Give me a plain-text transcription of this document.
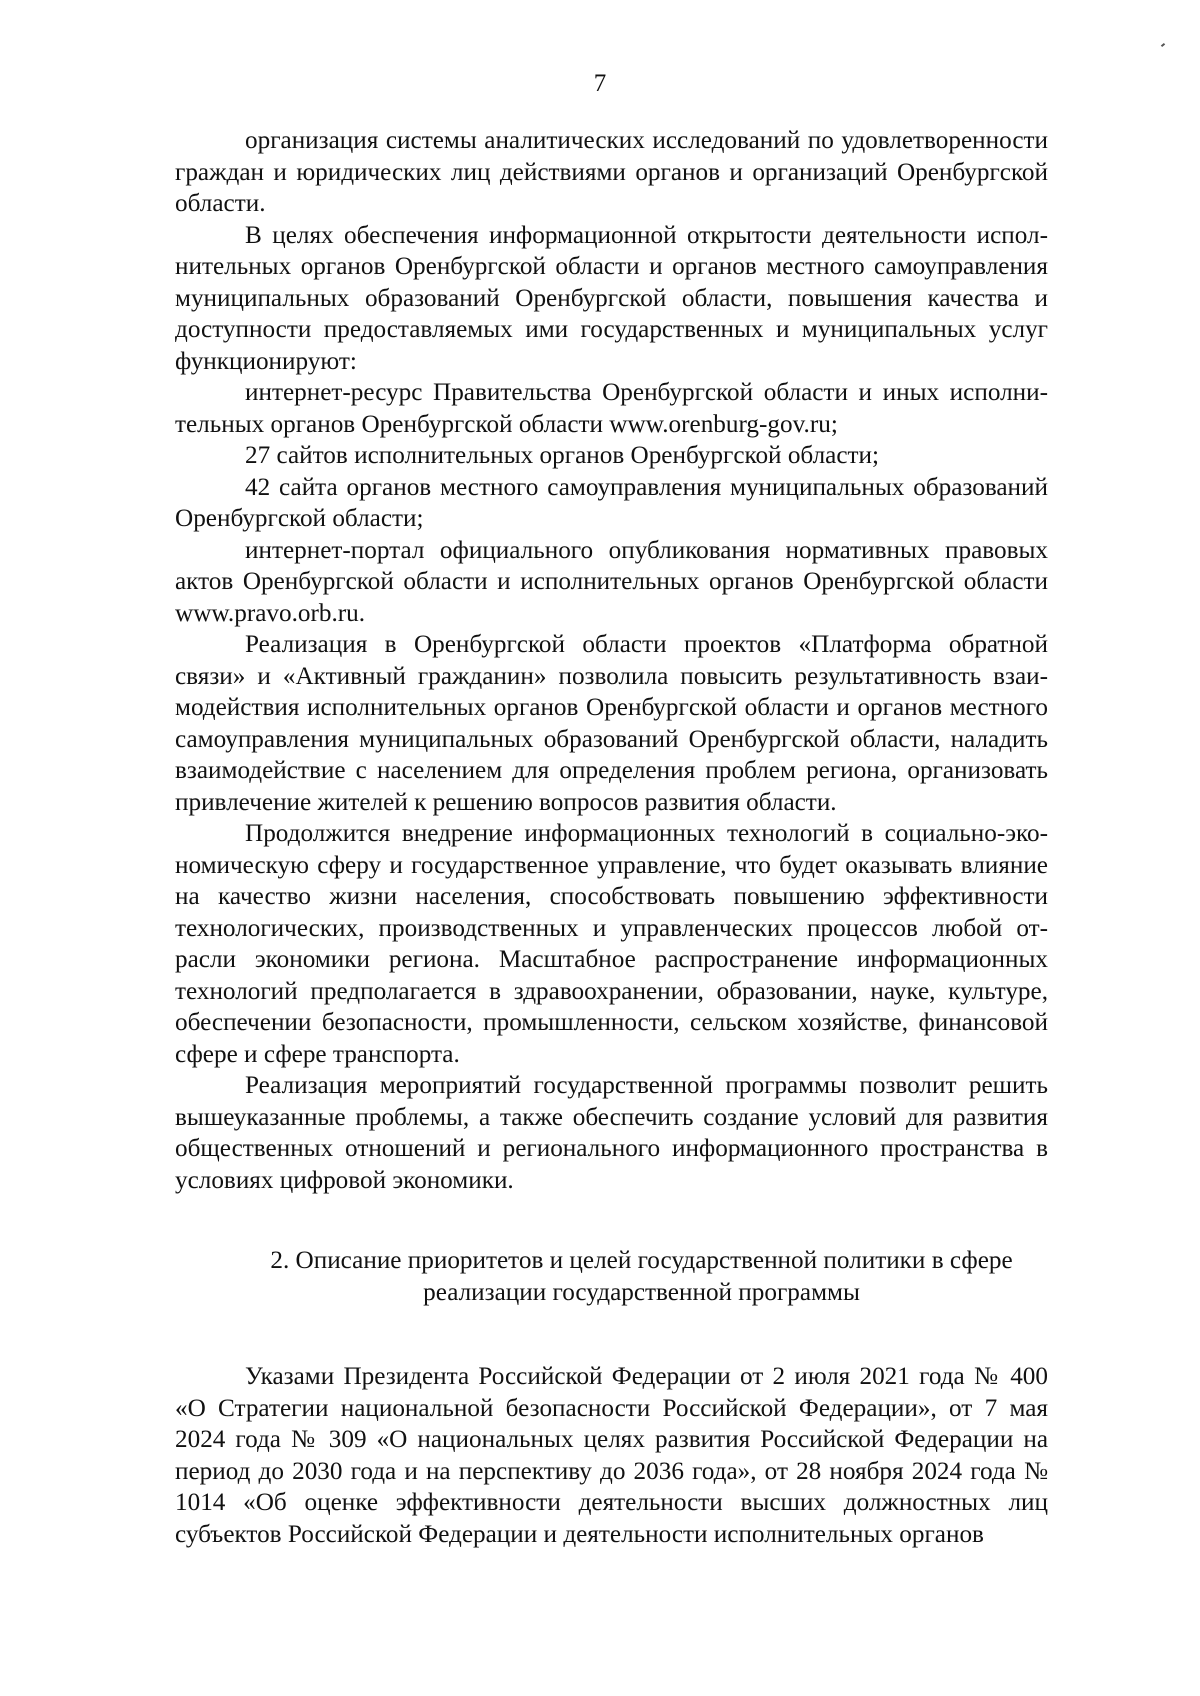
7

организация системы аналитических исследований по удовлетворенности граждан и юридических лиц действиями органов и организаций Оренбургской области.

В целях обеспечения информационной открытости деятельности исполнительных органов Оренбургской области и органов местного самоуправления муниципальных образований Оренбургской области, повышения качества и доступности предоставляемых ими государственных и муниципальных услуг функционируют:

интернет-ресурс Правительства Оренбургской области и иных исполнительных органов Оренбургской области www.orenburg-gov.ru;

27 сайтов исполнительных органов Оренбургской области;

42 сайта органов местного самоуправления муниципальных образований Оренбургской области;

интернет-портал официального опубликования нормативных правовых актов Оренбургской области и исполнительных органов Оренбургской области www.pravo.orb.ru.

Реализация в Оренбургской области проектов «Платформа обратной связи» и «Активный гражданин» позволила повысить результативность взаимодействия исполнительных органов Оренбургской области и органов местного самоуправления муниципальных образований Оренбургской области, наладить взаимодействие с населением для определения проблем региона, организовать привлечение жителей к решению вопросов развития области.

Продолжится внедрение информационных технологий в социально-экономическую сферу и государственное управление, что будет оказывать влияние на качество жизни населения, способствовать повышению эффективности технологических, производственных и управленческих процессов любой отрасли экономики региона. Масштабное распространение информационных технологий предполагается в здравоохранении, образовании, науке, культуре, обеспечении безопасности, промышленности, сельском хозяйстве, финансовой сфере и сфере транспорта.

Реализация мероприятий государственной программы позволит решить вышеуказанные проблемы, а также обеспечить создание условий для развития общественных отношений и регионального информационного пространства в условиях цифровой экономики.

2. Описание приоритетов и целей государственной политики в сфере
реализации государственной программы

Указами Президента Российской Федерации от 2 июля 2021 года № 400 «О Стратегии национальной безопасности Российской Федерации», от 7 мая 2024 года № 309 «О национальных целях развития Российской Федерации на период до 2030 года и на перспективу до 2036 года», от 28 ноября 2024 года № 1014 «Об оценке эффективности деятельности высших должностных лиц субъектов Российской Федерации и деятельности исполнительных органов
